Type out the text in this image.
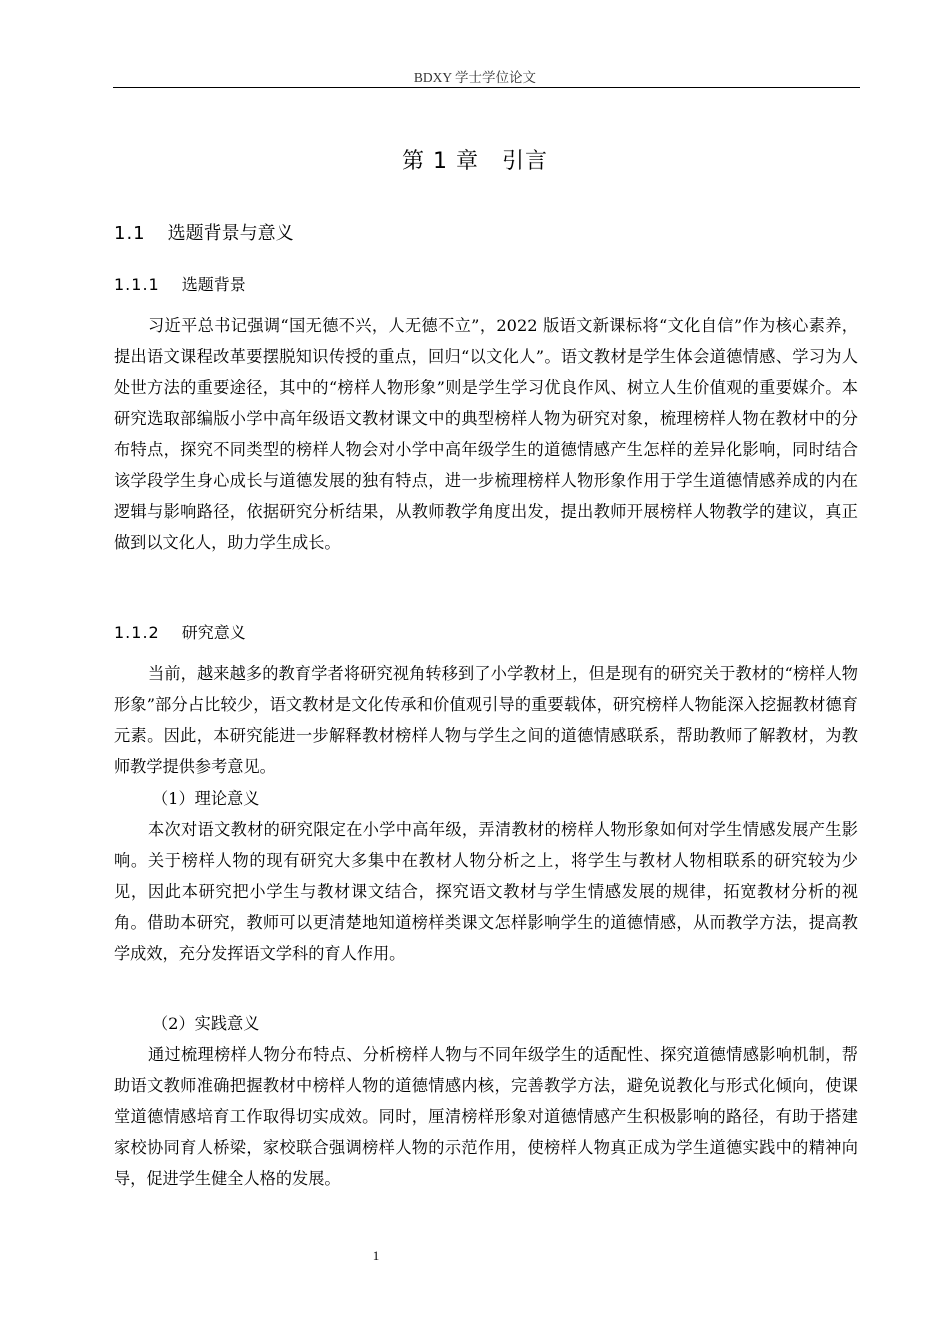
BDXY 学士学位论文
第 1 章　引言
1.1 选题背景与意义
1.1.1 选题背景

习近平总书记强调“国无德不兴，人无德不立”，2022 版语文新课标将“文化自信”作为核心素养，提出语文课程改革要摆脱知识传授的重点，回归“以文化人”。语文教材是学生体会道德情感、学习为人处世方法的重要途径，其中的“榜样人物形象”则是学生学习优良作风、树立人生价值观的重要媒介。本研究选取部编版小学中高年级语文教材课文中的典型榜样人物为研究对象，梳理榜样人物在教材中的分布特点，探究不同类型的榜样人物会对小学中高年级学生的道德情感产生怎样的差异化影响，同时结合该学段学生身心成长与道德发展的独有特点，进一步梳理榜样人物形象作用于学生道德情感养成的内在逻辑与影响路径，依据研究分析结果，从教师教学角度出发，提出教师开展榜样人物教学的建议，真正做到以文化人，助力学生成长。

1.1.2 研究意义

当前，越来越多的教育学者将研究视角转移到了小学教材上，但是现有的研究关于教材的“榜样人物形象”部分占比较少，语文教材是文化传承和价值观引导的重要载体，研究榜样人物能深入挖掘教材德育元素。因此，本研究能进一步解释教材榜样人物与学生之间的道德情感联系，帮助教师了解教材，为教师教学提供参考意见。

（1）理论意义

本次对语文教材的研究限定在小学中高年级，弄清教材的榜样人物形象如何对学生情感发展产生影响。关于榜样人物的现有研究大多集中在教材人物分析之上，将学生与教材人物相联系的研究较为少见，因此本研究把小学生与教材课文结合，探究语文教材与学生情感发展的规律，拓宽教材分析的视角。借助本研究，教师可以更清楚地知道榜样类课文怎样影响学生的道德情感，从而教学方法，提高教学成效，充分发挥语文学科的育人作用。

（2）实践意义

通过梳理榜样人物分布特点、分析榜样人物与不同年级学生的适配性、探究道德情感影响机制，帮助语文教师准确把握教材中榜样人物的道德情感内核，完善教学方法，避免说教化与形式化倾向，使课堂道德情感培育工作取得切实成效。同时，厘清榜样形象对道德情感产生积极影响的路径，有助于搭建家校协同育人桥梁，家校联合强调榜样人物的示范作用，使榜样人物真正成为学生道德实践中的精神向导，促进学生健全人格的发展。

1
